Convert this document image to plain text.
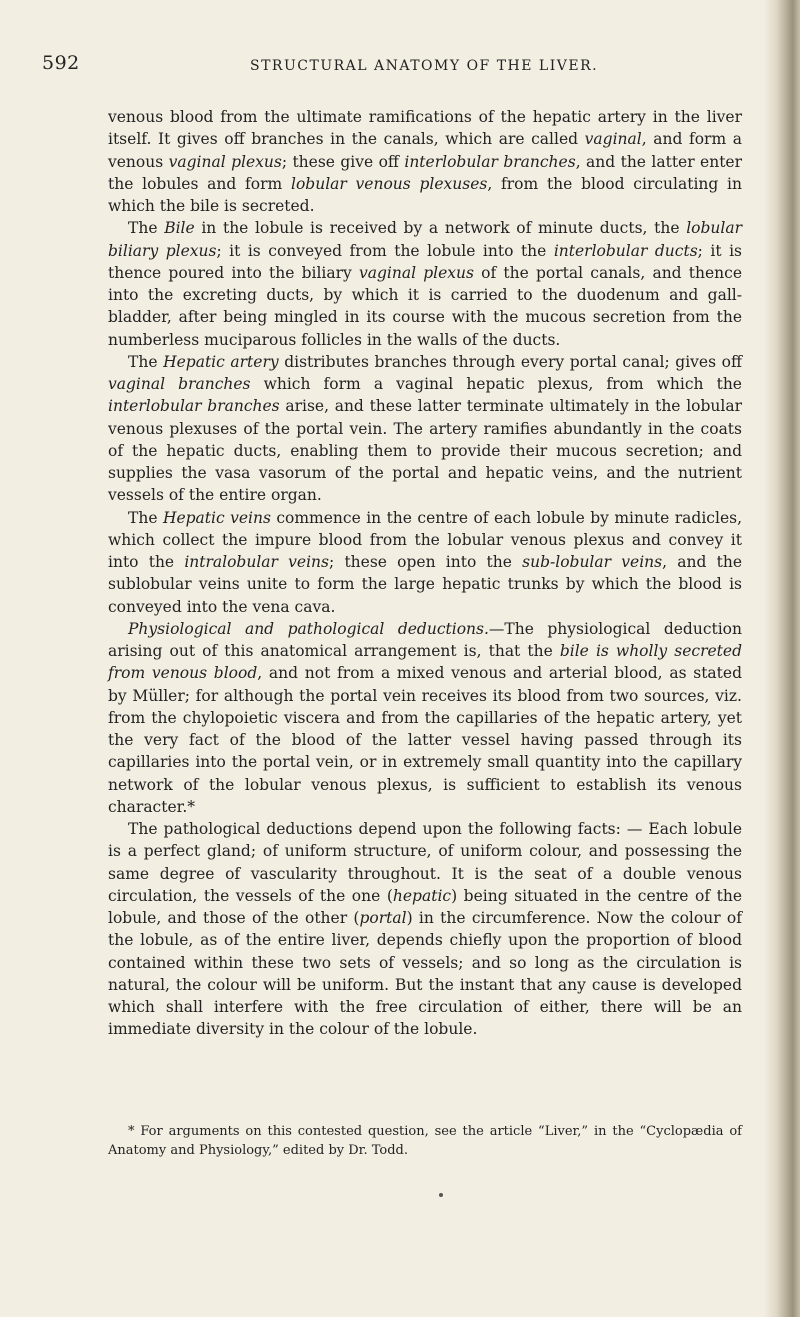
592	STRUCTURAL ANATOMY OF THE LIVER.

venous blood from the ultimate ramifications of the hepatic artery in the liver itself. It gives off branches in the canals, which are called vaginal, and form a venous vaginal plexus; these give off interlobular branches, and the latter enter the lobules and form lobular venous plexuses, from the blood circulating in which the bile is secreted.

The Bile in the lobule is received by a network of minute ducts, the lobular biliary plexus; it is conveyed from the lobule into the interlobular ducts; it is thence poured into the biliary vaginal plexus of the portal canals, and thence into the excreting ducts, by which it is carried to the duodenum and gall-bladder, after being mingled in its course with the mucous secretion from the numberless muciparous follicles in the walls of the ducts.

The Hepatic artery distributes branches through every portal canal; gives off vaginal branches which form a vaginal hepatic plexus, from which the interlobular branches arise, and these latter terminate ultimately in the lobular venous plexuses of the portal vein. The artery ramifies abundantly in the coats of the hepatic ducts, enabling them to provide their mucous secretion; and supplies the vasa vasorum of the portal and hepatic veins, and the nutrient vessels of the entire organ.

The Hepatic veins commence in the centre of each lobule by minute radicles, which collect the impure blood from the lobular venous plexus and convey it into the intralobular veins; these open into the sub-lobular veins, and the sublobular veins unite to form the large hepatic trunks by which the blood is conveyed into the vena cava.

Physiological and pathological deductions.—The physiological deduction arising out of this anatomical arrangement is, that the bile is wholly secreted from venous blood, and not from a mixed venous and arterial blood, as stated by Müller; for although the portal vein receives its blood from two sources, viz. from the chylopoietic viscera and from the capillaries of the hepatic artery, yet the very fact of the blood of the latter vessel having passed through its capillaries into the portal vein, or in extremely small quantity into the capillary network of the lobular venous plexus, is sufficient to establish its venous character.*

The pathological deductions depend upon the following facts: — Each lobule is a perfect gland; of uniform structure, of uniform colour, and possessing the same degree of vascularity throughout. It is the seat of a double venous circulation, the vessels of the one (hepatic) being situated in the centre of the lobule, and those of the other (portal) in the circumference. Now the colour of the lobule, as of the entire liver, depends chiefly upon the proportion of blood contained within these two sets of vessels; and so long as the circulation is natural, the colour will be uniform. But the instant that any cause is developed which shall interfere with the free circulation of either, there will be an immediate diversity in the colour of the lobule.

* For arguments on this contested question, see the article “Liver,” in the “Cyclopædia of Anatomy and Physiology,” edited by Dr. Todd.
